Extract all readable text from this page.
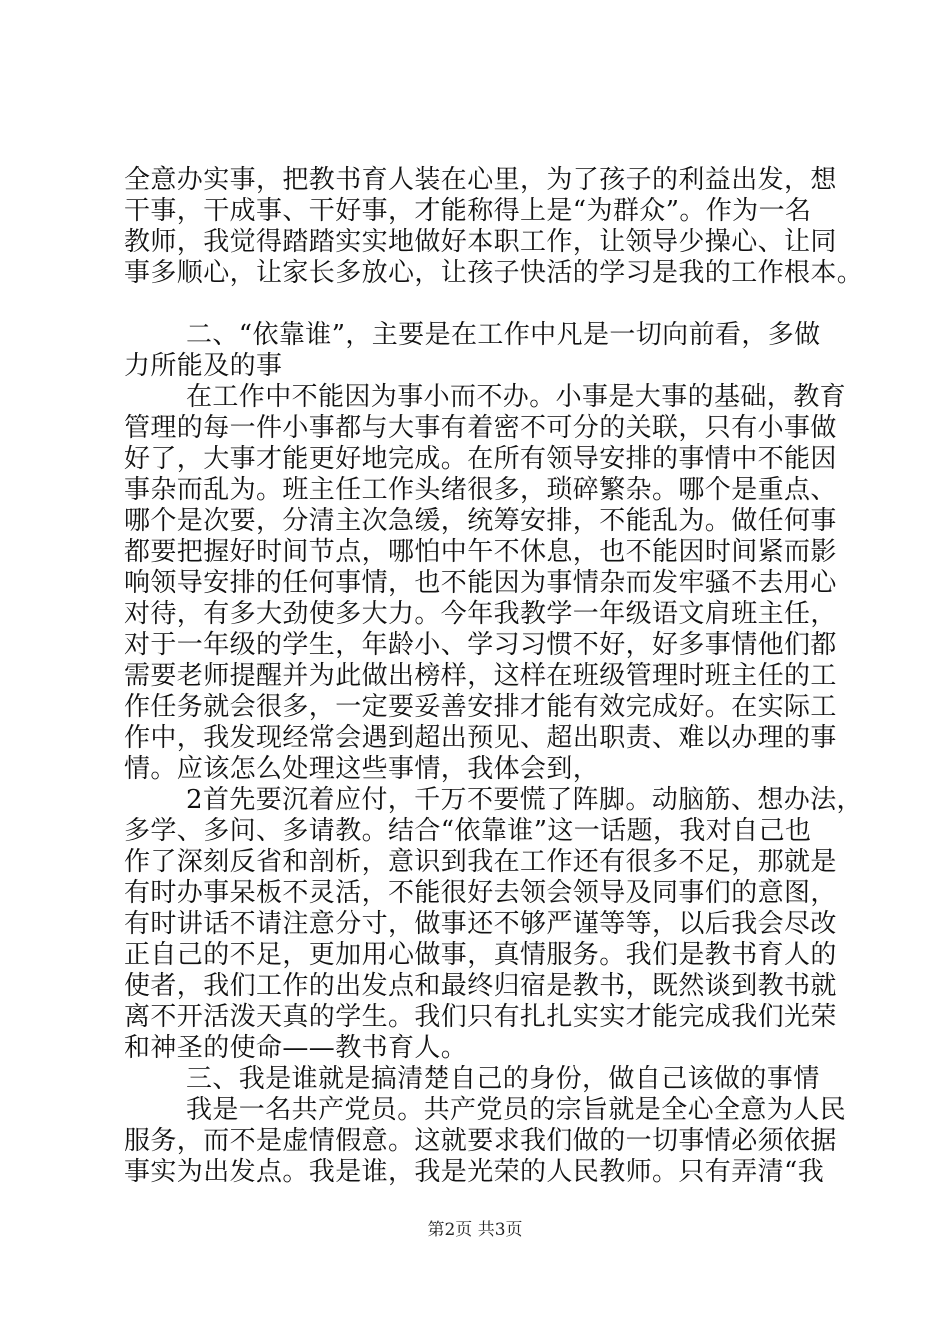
全意办实事，把教书育人装在心里，为了孩子的利益出发，想
干事，干成事、干好事，才能称得上是“为群众”。作为一名
教师，我觉得踏踏实实地做好本职工作，让领导少操心、让同
事多顺心，让家长多放心，让孩子快活的学习是我的工作根本。
二、“依靠谁”，主要是在工作中凡是一切向前看，多做
力所能及的事
在工作中不能因为事小而不办。小事是大事的基础，教育
管理的每一件小事都与大事有着密不可分的关联，只有小事做
好了，大事才能更好地完成。在所有领导安排的事情中不能因
事杂而乱为。班主任工作头绪很多，琐碎繁杂。哪个是重点、
哪个是次要，分清主次急缓，统筹安排，不能乱为。做任何事
都要把握好时间节点，哪怕中午不休息，也不能因时间紧而影
响领导安排的任何事情，也不能因为事情杂而发牢骚不去用心
对待，有多大劲使多大力。今年我教学一年级语文肩班主任，
对于一年级的学生，年龄小、学习习惯不好，好多事情他们都
需要老师提醒并为此做出榜样，这样在班级管理时班主任的工
作任务就会很多，一定要妥善安排才能有效完成好。在实际工
作中，我发现经常会遇到超出预见、超出职责、难以办理的事
情。应该怎么处理这些事情，我体会到，
2首先要沉着应付，千万不要慌了阵脚。动脑筋、想办法，
多学、多问、多请教。结合“依靠谁”这一话题，我对自己也
作了深刻反省和剖析，意识到我在工作还有很多不足，那就是
有时办事呆板不灵活，不能很好去领会领导及同事们的意图，
有时讲话不请注意分寸，做事还不够严谨等等，以后我会尽改
正自己的不足，更加用心做事，真情服务。我们是教书育人的
使者，我们工作的出发点和最终归宿是教书，既然谈到教书就
离不开活泼天真的学生。我们只有扎扎实实才能完成我们光荣
和神圣的使命——教书育人。
三、我是谁就是搞清楚自己的身份，做自己该做的事情
我是一名共产党员。共产党员的宗旨就是全心全意为人民
服务，而不是虚情假意。这就要求我们做的一切事情必须依据
事实为出发点。我是谁，我是光荣的人民教师。只有弄清“我
第2页 共3页
